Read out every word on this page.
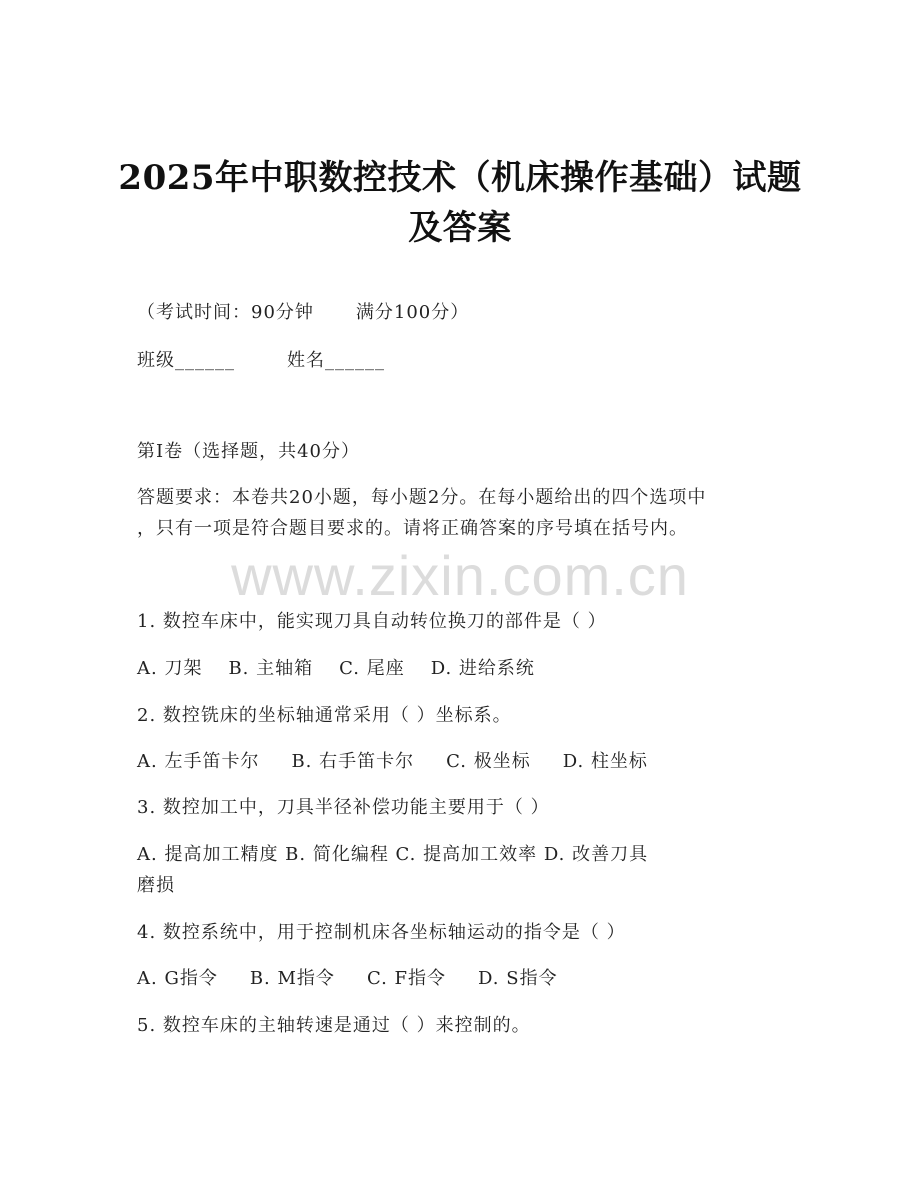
2025年中职数控技术（机床操作基础）试题
及答案
（考试时间：90分钟 满分100分）
班级______	姓名______
第I卷（选择题，共40分）
答题要求：本卷共20小题，每小题2分。在每小题给出的四个选项中
，只有一项是符合题目要求的。请将正确答案的序号填在括号内。
www.zixin.com.cn
1. 数控车床中，能实现刀具自动转位换刀的部件是（ ）
A. 刀架 B. 主轴箱 C. 尾座 D. 进给系统
2. 数控铣床的坐标轴通常采用（ ）坐标系。
A. 左手笛卡尔 B. 右手笛卡尔 C. 极坐标 D. 柱坐标
3. 数控加工中，刀具半径补偿功能主要用于（ ）
A. 提高加工精度 B. 简化编程 C. 提高加工效率 D. 改善刀具
磨损
4. 数控系统中，用于控制机床各坐标轴运动的指令是（ ）
A. G指令 B. M指令 C. F指令 D. S指令
5. 数控车床的主轴转速是通过（ ）来控制的。
